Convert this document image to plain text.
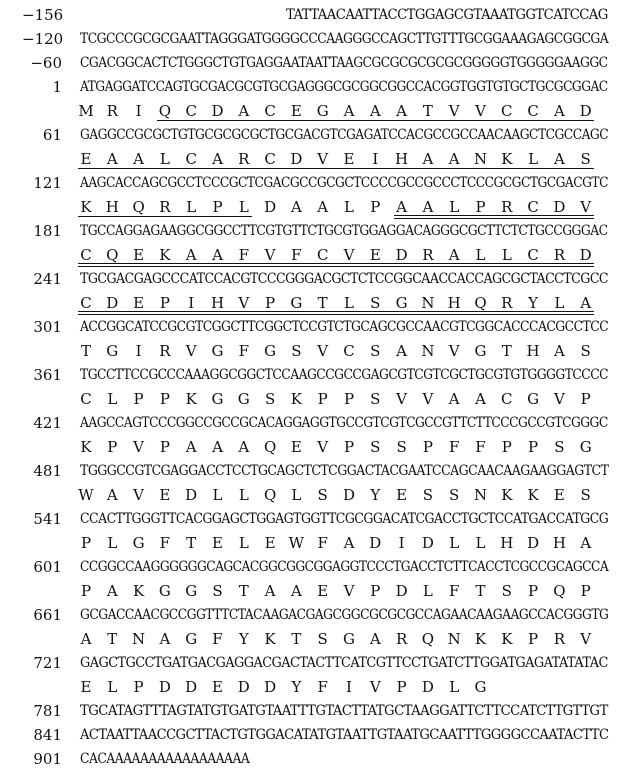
−156	TATTAACAATTACCTGGAGCGTAAATGGTCATCCAG
−120 TCGCCCGCGCGAATTAGGGATGGGGCCCAAGGGCCAGCTTGTTTGCGGAAAGAGCGGCGA
−60 CGACGGCACTCTGGGCTGTGAGGAATAATTAAGCGCGCGCGCGCGGGGGTGGGGGAAGGC
1 ATGAGGATCCAGTGCGACGCGTGCGAGGGCGCGGCGGCCACGGTGGTGTGCTGCGCGGAC
M R	I	Q C D A C E G A A A T V V C C A D
61 GAGGCCGCGCTGTGCGCGCGCTGCGACGTCGAGATCCACGCCGCCAACAAGCTCGCCAGC
E A A L C A R C D V E	I	H A A N K L A S
121 AAGCACCAGCGCCTCCCGCTCGACGCCGCGCTCCCCGCCGCCCTCCCGCGCTGCGACGTC
K H Q R L P L D A A L P A A L P R C D V
181 TGCCAGGAGAAGGCGGCCTTCGTGTTCTGCGTGGAGGACAGGGCGCTTCTCTGCCGGGAC
C Q E K A A F V F C V E D R A L L C R D
241 TGCGACGAGCCCATCCACGTCCCGGGACGCTCTCCGGCAACCACCAGCGCTACCTCGCC
C D E P	I	H V P G T L S G N H Q R Y L A
301 ACCGGCATCCGCGTCGGCTTCGGCTCCGTCTGCAGCGCCAACGTCGGCACCCACGCCTCC
T G	I	R V G F G S V C S A N V G T H A S
361 TGCCTTCCGCCCAAAGGCGGCTCCAAGCCGCCGAGCGTCGTCGCTGCGTGTGGGGTCCCC
C L P P K G G S K P P S V V A A C G V P
421 AAGCCAGTCCCGGCCGCCGCACAGGAGGTGCCGTCGTCGCCGTTCTTCCCGCCGTCGGGC
K P V P A A A Q E V P S S P F F P P S G
481 TGGGCCGTCGAGGACCTCCTGCAGCTCTCGGACTACGAATCCAGCAACAAGAAGGAGTCT
W A V E D L L Q L S D Y E S S N K K E S
541 CCACTTGGGTTCACGGAGCTGGAGTGGTTCGCGGACATCGACCTGCTCCATGACCATGCG
P L G F T E L E W F A D	I	D L L H D H A
601 CCGGCCAAGGGGGGCAGCACGGCGGCGGAGGTCCCTGACCTCTTCACCTCGCCGCAGCCA
P A K G G S T A A E V P D L F T S P Q P
661 GCGACCAACGCCGGTTTCTACAAGACGAGCGGCGCGCGCCAGAACAAGAAGCCACGGGTG
A T N A G F Y K T S G A R Q N K K P R V
721 GAGCTGCCTGATGACGAGGACGACTACTTCATCGTTCCTGATCTTGGATGAGATATATAC
E L P D D E D D Y F	I	V P D L G
781 TGCATAGTTTAGTATGTGATGTAATTTGTACTTATGCTAAGGATTCTTCCATCTTGTTGT
841 ACTAATTAACCGCTTACTGTGGACATATGTAATTGTAATGCAATTTGGGGCCAATACTTC
901 CACAAAAAAAAAAAAAAAAA
